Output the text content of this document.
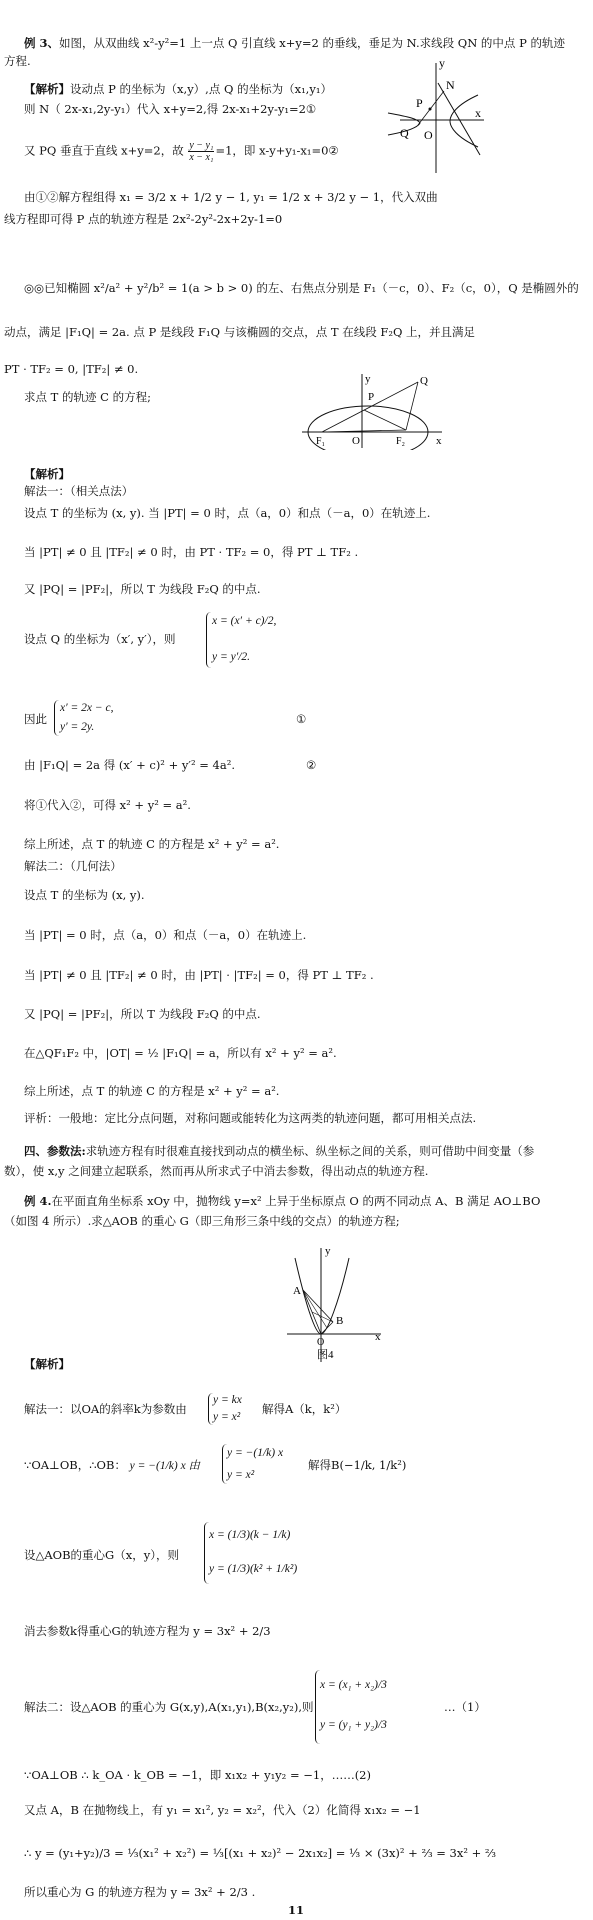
例 3、如图，从双曲线 x²-y²=1 上一点 Q 引直线 x+y=2 的垂线，垂足为 N.求线段 QN 的中点 P 的轨迹
方程.
【解析】设动点 P 的坐标为（x,y）,点 Q 的坐标为（x₁,y₁）
则 N（ 2x-x₁,2y-y₁）代入 x+y=2,得 2x-x₁+2y-y₁=2①
又 PQ 垂直于直线 x+y=2，故 $\frac{\text{y − y₁}}{\text{x − x₁}} =1$，即 x-y+y₁-x₁=0②
由①②解方程组得 x₁ = 3/2 x + 1/2 y − 1, y₁ = 1/2 x + 3/2 y − 1，代入双曲
线方程即可得 P 点的轨迹方程是 2x²-2y²-2x+2y-1=0
y
N
P
Q O
x
◎◎已知椭圆 x²/a² + y²/b² = 1(a > b > 0) 的左、右焦点分别是 F₁（－c，0）、F₂（c，0），Q 是椭圆外的
动点，满足 |F₁Q| = 2a. 点 P 是线段 F₁Q 与该椭圆的交点，点 T 在线段 F₂Q 上，并且满足
PT · TF₂ = 0, |TF₂| ≠ 0.
求点 T 的轨迹 C 的方程;
y
P
Q
F₁ O	F₂	x
【解析】
解法一：（相关点法）
设点 T 的坐标为 (x, y). 当 |PT| = 0 时，点（a，0）和点（－a，0）在轨迹上.
当 |PT| ≠ 0 且 |TF₂| ≠ 0 时，由 PT · TF₂ = 0，得 PT ⊥ TF₂ .
又 |PQ| = |PF₂|，所以 T 为线段 F₂Q 的中点.
设点 Q 的坐标为（x′, y′），则
x = (x′ + c)/2,
y = y′/2.
因此
x′ = 2x − c,
y′ = 2y.
①
由 |F₁Q| = 2a 得 (x′ + c)² + y′² = 4a².	②
将①代入②，可得 x² + y² = a².
综上所述，点 T 的轨迹 C 的方程是 x² + y² = a².
解法二：（几何法）
设点 T 的坐标为 (x, y).
当 |PT| = 0 时，点（a，0）和点（－a，0）在轨迹上.
当 |PT| ≠ 0 且 |TF₂| ≠ 0 时，由 |PT| · |TF₂| = 0，得 PT ⊥ TF₂ .
又 |PQ| = |PF₂|，所以 T 为线段 F₂Q 的中点.
在△QF₁F₂ 中，|OT| = ½ |F₁Q| = a，所以有 x² + y² = a².
综上所述，点 T 的轨迹 C 的方程是 x² + y² = a².
评析：一般地：定比分点问题，对称问题或能转化为这两类的轨迹问题，都可用相关点法.
四、参数法:求轨迹方程有时很难直接找到动点的横坐标、纵坐标之间的关系，则可借助中间变量（参
数），使 x,y 之间建立起联系，然而再从所求式子中消去参数，得出动点的轨迹方程.
例 4.在平面直角坐标系 xOy 中，抛物线 y=x² 上异于坐标原点 O 的两不同动点 A、B 满足 AO⊥BO
（如图 4 所示）.求△AOB 的重心 G（即三角形三条中线的交点）的轨迹方程;
y
A
B
O	x
图4
【解析】
解法一：以OA的斜率k为参数由
y = kx
y = x²
解得A（k，k²）
∵OA⊥OB，∴OB： y = −(1/k) x 由
y = −(1/k) x
y = x²
解得B(−1/k, 1/k²)
设△AOB的重心G（x，y），则
x = (1/3)(k − 1/k)
y = (1/3)(k² + 1/k²)
消去参数k得重心G的轨迹方程为 y = 3x² + 2/3
解法二：设△AOB 的重心为 G(x,y),A(x₁,y₁),B(x₂,y₂),则
x = (x₁ + x₂)/3
y = (y₁ + y₂)/3
…（1）
∵OA⊥OB ∴ k_OA · k_OB = −1，即 x₁x₂ + y₁y₂ = −1，……(2)
又点 A，B 在抛物线上，有 y₁ = x₁², y₂ = x₂²，代入（2）化简得 x₁x₂ = −1
∴ y = (y₁+y₂)/3 = ⅓(x₁² + x₂²) = ⅓[(x₁ + x₂)² − 2x₁x₂] = ⅓ × (3x)² + ⅔ = 3x² + ⅔
所以重心为 G 的轨迹方程为 y = 3x² + 2/3 .
11
